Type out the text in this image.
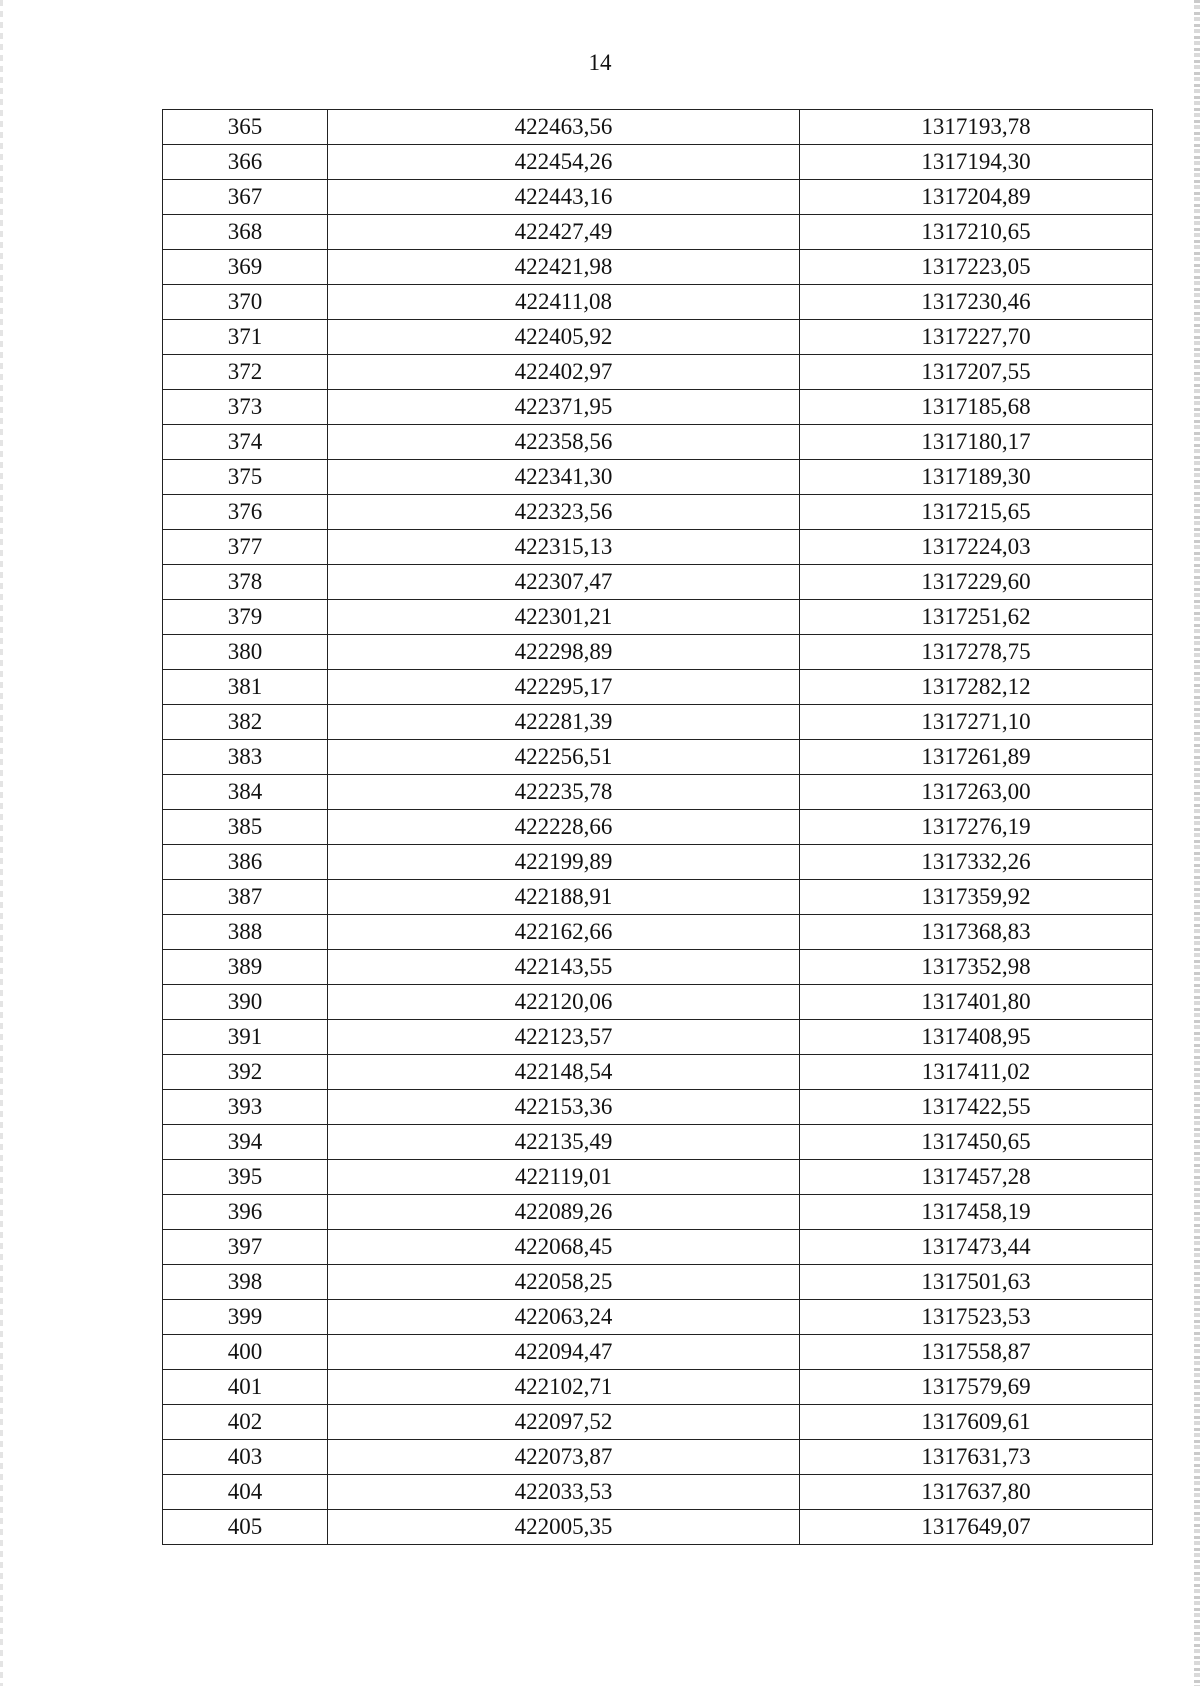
14
365	422463,56	1317193,78
366	422454,26	1317194,30
367	422443,16	1317204,89
368	422427,49	1317210,65
369	422421,98	1317223,05
370	422411,08	1317230,46
371	422405,92	1317227,70
372	422402,97	1317207,55
373	422371,95	1317185,68
374	422358,56	1317180,17
375	422341,30	1317189,30
376	422323,56	1317215,65
377	422315,13	1317224,03
378	422307,47	1317229,60
379	422301,21	1317251,62
380	422298,89	1317278,75
381	422295,17	1317282,12
382	422281,39	1317271,10
383	422256,51	1317261,89
384	422235,78	1317263,00
385	422228,66	1317276,19
386	422199,89	1317332,26
387	422188,91	1317359,92
388	422162,66	1317368,83
389	422143,55	1317352,98
390	422120,06	1317401,80
391	422123,57	1317408,95
392	422148,54	1317411,02
393	422153,36	1317422,55
394	422135,49	1317450,65
395	422119,01	1317457,28
396	422089,26	1317458,19
397	422068,45	1317473,44
398	422058,25	1317501,63
399	422063,24	1317523,53
400	422094,47	1317558,87
401	422102,71	1317579,69
402	422097,52	1317609,61
403	422073,87	1317631,73
404	422033,53	1317637,80
405	422005,35	1317649,07
